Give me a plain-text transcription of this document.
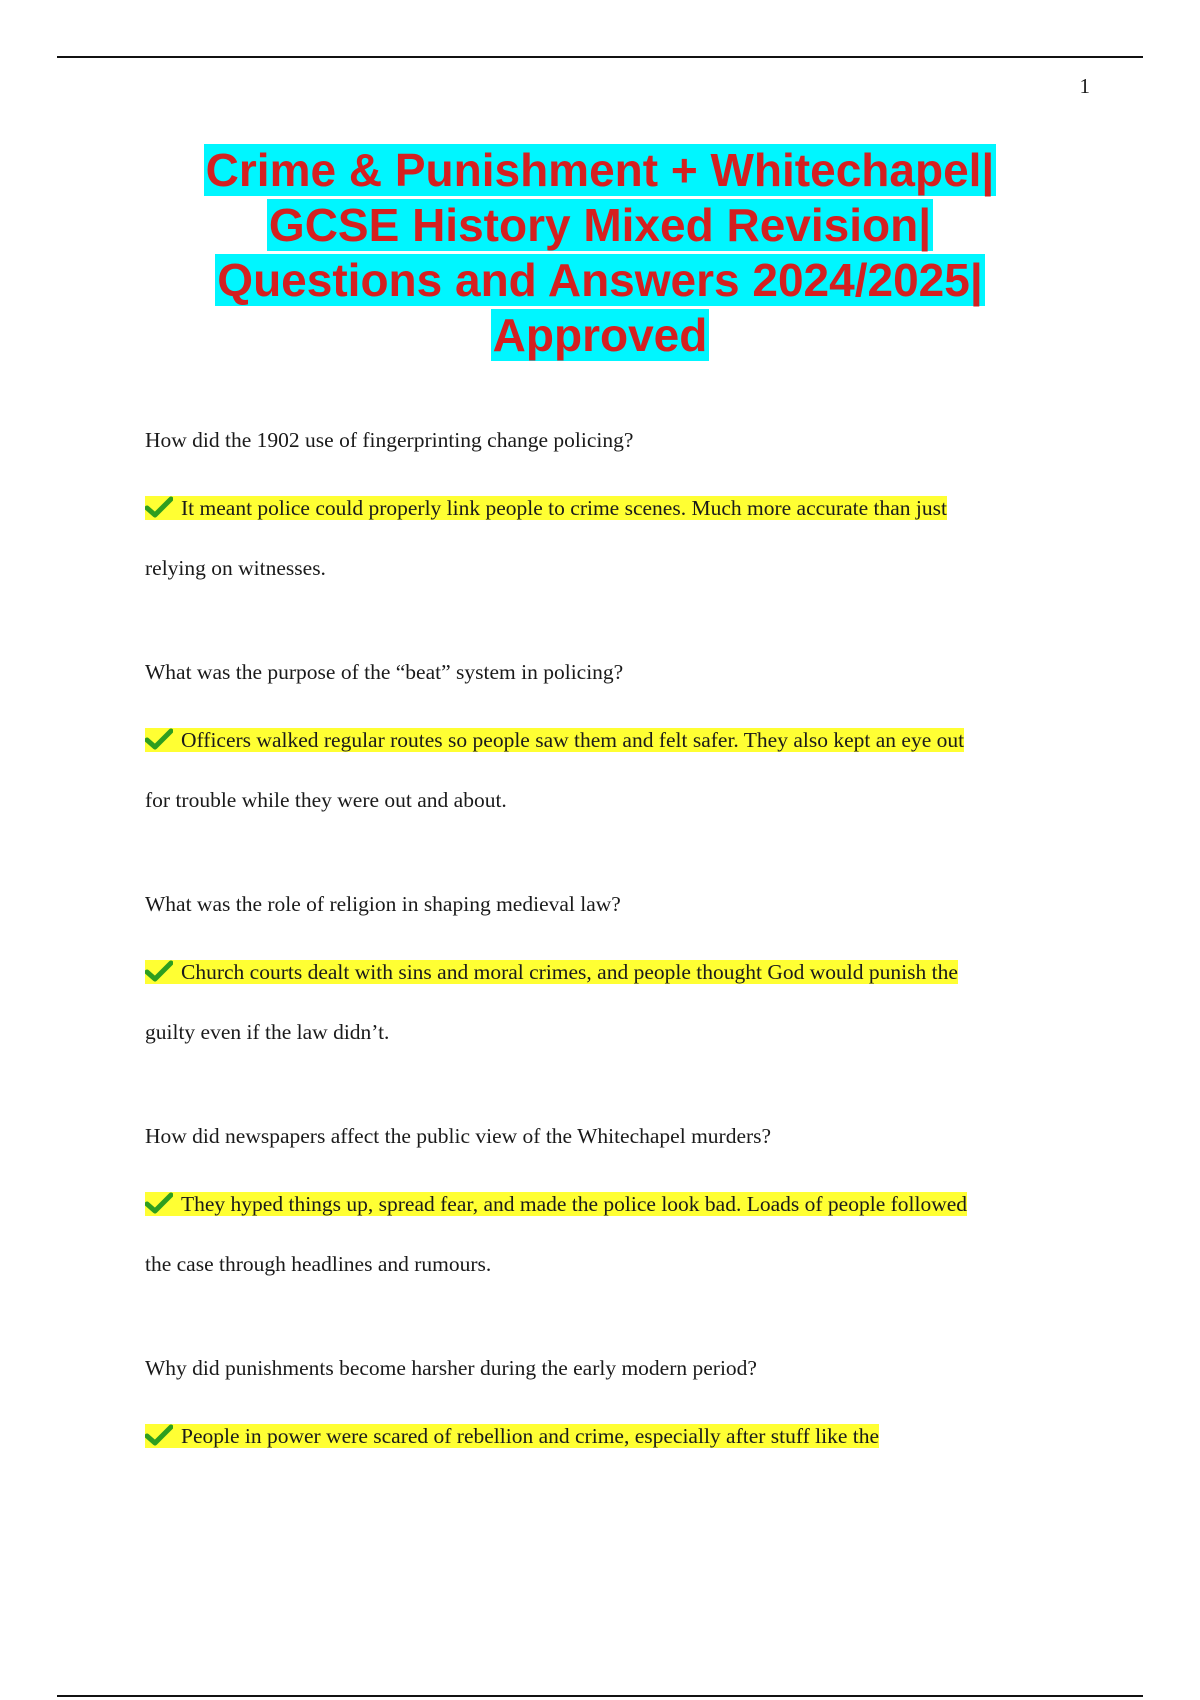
1
Crime & Punishment + Whitechapel|
GCSE History Mixed Revision|
Questions and Answers 2024/2025|
Approved

How did the 1902 use of fingerprinting change policing?

It meant police could properly link people to crime scenes. Much more accurate than just
relying on witnesses.

What was the purpose of the “beat” system in policing?

Officers walked regular routes so people saw them and felt safer. They also kept an eye out
for trouble while they were out and about.

What was the role of religion in shaping medieval law?

Church courts dealt with sins and moral crimes, and people thought God would punish the
guilty even if the law didn’t.

How did newspapers affect the public view of the Whitechapel murders?

They hyped things up, spread fear, and made the police look bad. Loads of people followed
the case through headlines and rumours.

Why did punishments become harsher during the early modern period?

People in power were scared of rebellion and crime, especially after stuff like the
